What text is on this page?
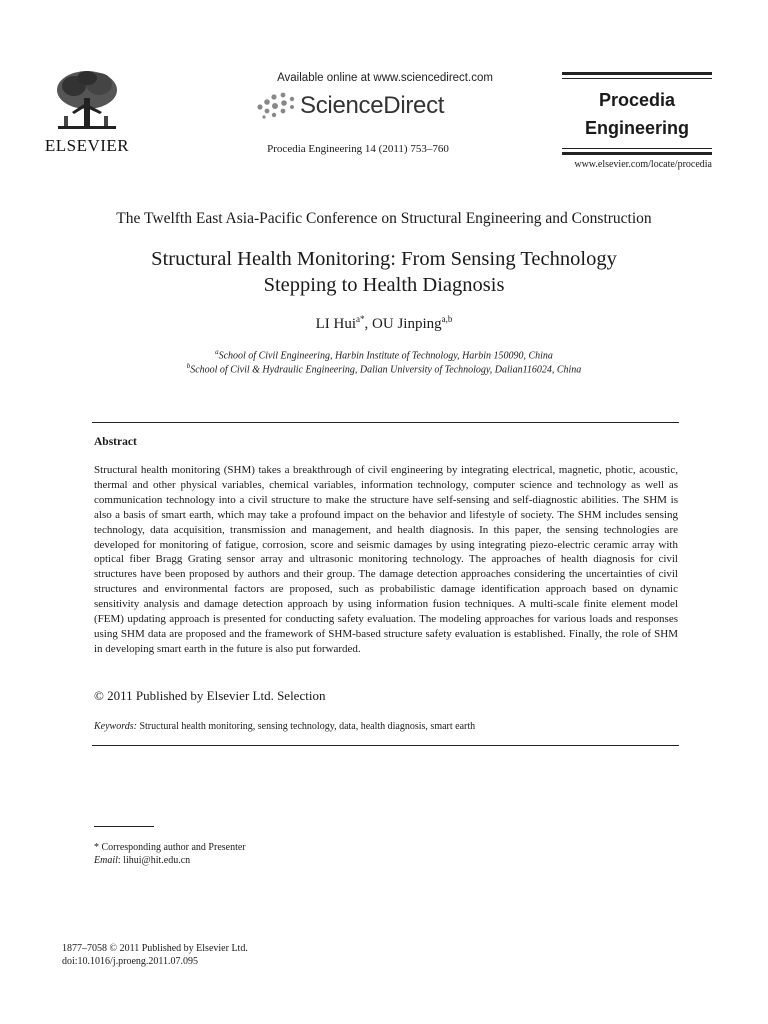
ELSEVIER
Available online at www.sciencedirect.com
ScienceDirect
Procedia Engineering 14 (2011) 753–760
Procedia
Engineering
www.elsevier.com/locate/procedia
The Twelfth East Asia-Pacific Conference on Structural Engineering and Construction
Structural Health Monitoring: From Sensing Technology
Stepping to Health Diagnosis
LI Hui$^{a*}$, OU Jinping$^{a,b}$
$^a$School of Civil Engineering, Harbin Institute of Technology, Harbin 150090, China
$^b$School of Civil & Hydraulic Engineering, Dalian University of Technology, Dalian116024, China
Abstract
Structural health monitoring (SHM) takes a breakthrough of civil engineering by integrating electrical, magnetic, photic, acoustic, thermal and other physical variables, chemical variables, information technology, computer science and technology as well as communication technology into a civil structure to make the structure have self-sensing and self-diagnostic abilities. The SHM is also a basis of smart earth, which may take a profound impact on the behavior and lifestyle of society. The SHM includes sensing technology, data acquisition, transmission and management, and health diagnosis. In this paper, the sensing technologies are developed for monitoring of fatigue, corrosion, score and seismic damages by using integrating piezo-electric ceramic array with optical fiber Bragg Grating sensor array and ultrasonic monitoring technology. The approaches of health diagnosis for civil structures have been proposed by authors and their group. The damage detection approaches considering the uncertainties of civil structures and environmental factors are proposed, such as probabilistic damage identification approach based on dynamic sensitivity analysis and damage detection approach by using information fusion techniques. A multi-scale finite element model (FEM) updating approach is presented for conducting safety evaluation. The modeling approaches for various loads and responses using SHM data are proposed and the framework of SHM-based structure safety evaluation is established. Finally, the role of SHM in developing smart earth in the future is also put forwarded.
© 2011 Published by Elsevier Ltd. Selection
Keywords: Structural health monitoring, sensing technology, data, health diagnosis, smart earth
* Corresponding author and Presenter
Email: lihui@hit.edu.cn
1877–7058 © 2011 Published by Elsevier Ltd.
doi:10.1016/j.proeng.2011.07.095
